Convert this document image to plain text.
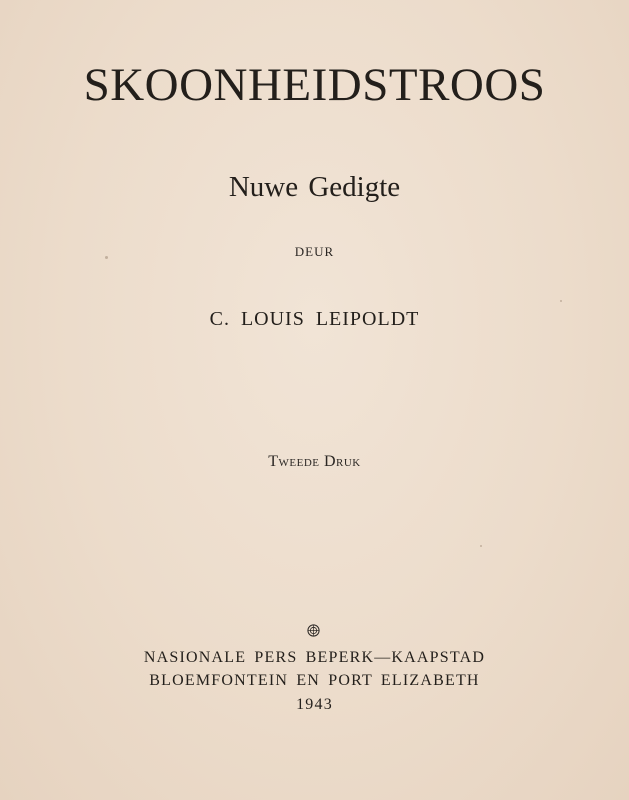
SKOONHEIDSTROOS
Nuwe Gedigte
DEUR
C. LOUIS LEIPOLDT
Tweede Druk
NASIONALE PERS BEPERK—KAAPSTAD
BLOEMFONTEIN EN PORT ELIZABETH
1943
